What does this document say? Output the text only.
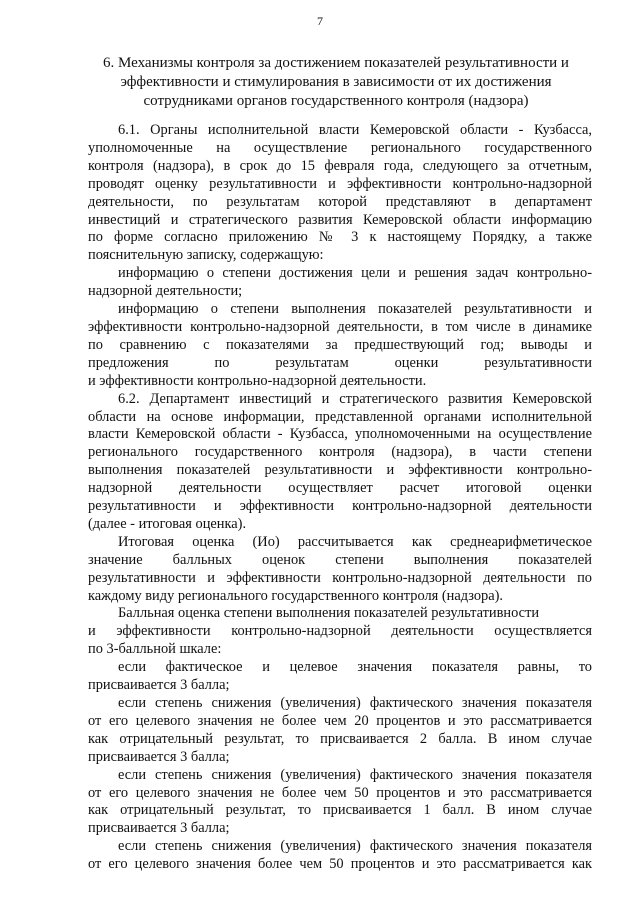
7
6. Механизмы контроля за достижением показателей результативности и
эффективности и стимулирования в зависимости от их достижения
сотрудниками органов государственного контроля (надзора)
6.1. Органы исполнительной власти Кемеровской области - Кузбасса,
уполномоченные на осуществление регионального государственного
контроля (надзора), в срок до 15 февраля года, следующего за отчетным,
проводят оценку результативности и эффективности контрольно-надзорной
деятельности, по результатам которой представляют в департамент
инвестиций и стратегического развития Кемеровской области информацию
по форме согласно приложению № 3 к настоящему Порядку, а также
пояснительную записку, содержащую:
информацию о степени достижения цели и решения задач контрольно-
надзорной деятельности;
информацию о степени выполнения показателей результативности и
эффективности контрольно-надзорной деятельности, в том числе в динамике
по сравнению с показателями за предшествующий год; выводы и
предложения по результатам оценки результативности
и эффективности контрольно-надзорной деятельности.
6.2. Департамент инвестиций и стратегического развития Кемеровской
области на основе информации, представленной органами исполнительной
власти Кемеровской области - Кузбасса, уполномоченными на осуществление
регионального государственного контроля (надзора), в части степени
выполнения показателей результативности и эффективности контрольно-
надзорной деятельности осуществляет расчет итоговой оценки
результативности и эффективности контрольно-надзорной деятельности
(далее - итоговая оценка).
Итоговая оценка (Ио) рассчитывается как среднеарифметическое
значение балльных оценок степени выполнения показателей
результативности и эффективности контрольно-надзорной деятельности по
каждому виду регионального государственного контроля (надзора).
Балльная оценка степени выполнения показателей результативности
и эффективности контрольно-надзорной деятельности осуществляется
по 3-балльной шкале:
если фактическое и целевое значения показателя равны, то
присваивается 3 балла;
если степень снижения (увеличения) фактического значения показателя
от его целевого значения не более чем 20 процентов и это рассматривается
как отрицательный результат, то присваивается 2 балла. В ином случае
присваивается 3 балла;
если степень снижения (увеличения) фактического значения показателя
от его целевого значения не более чем 50 процентов и это рассматривается
как отрицательный результат, то присваивается 1 балл. В ином случае
присваивается 3 балла;
если степень снижения (увеличения) фактического значения показателя
от его целевого значения более чем 50 процентов и это рассматривается как
